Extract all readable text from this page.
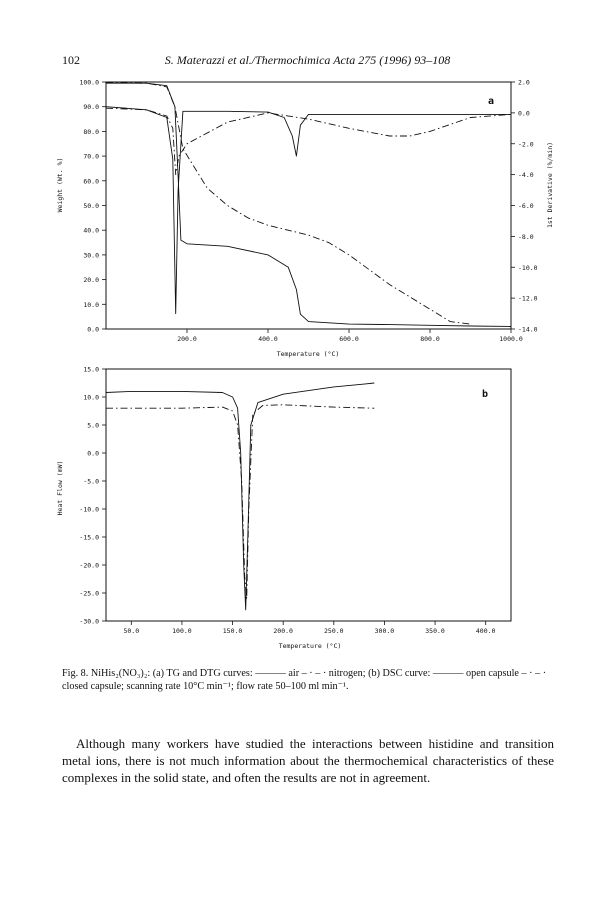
102	S. Materazzi et al./Thermochimica Acta 275 (1996) 93–108
0.0
10.0
20.0
30.0
40.0
50.0
60.0
70.0
80.0
90.0
100.0
-14.0
-12.0
-10.0
-8.0
-6.0
-4.0
-2.0
0.0
2.0
200.0	400.0	600.0	800.0	1000.0
a
Temperature (°C)
Weight (Wt. %)	1st Derivative (%/min)
-30.0
-25.0
-20.0
-15.0
-10.0
-5.0
0.0
5.0
10.0
15.0
50.0	100.0	150.0	200.0	250.0	300.0	350.0	400.0
b
Temperature (°C)
Heat Flow (mW)
Fig. 8. NiHis₂(NO₃)₂: (a) TG and DTG curves: ——— air – · – · nitrogen; (b) DSC curve: ——— open capsule – · – · closed capsule; scanning rate 10°C min⁻¹; flow rate 50–100 ml min⁻¹.
Although many workers have studied the interactions between histidine and transition metal ions, there is not much information about the thermochemical characteristics of these complexes in the solid state, and often the results are not in agreement.
